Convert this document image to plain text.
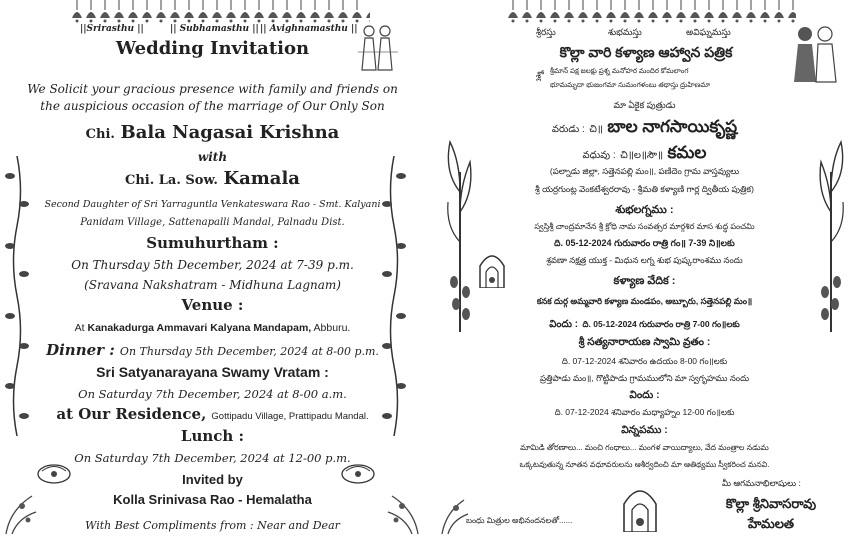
||Srirasthu ||	|| Subhamasthu || || Avighnamasthu ||
Wedding Invitation
We Solicit your gracious presence with family and friends on
the auspicious occasion of the marriage of Our Only Son
Chi. Bala Nagasai Krishna
with
Chi. La. Sow. Kamala
Second Daughter of Sri Yarraguntla Venkateswara Rao - Smt. Kalyani
Panidam Village, Sattenapalli Mandal, Palnadu Dist.
Sumuhurtham :
On Thursday 5th December, 2024 at 7-39 p.m.
(Sravana Nakshatram - Midhuna Lagnam)
Venue :
At Kanakadurga Ammavari Kalyana Mandapam, Abburu.
Dinner : On Thursday 5th December, 2024 at 8-00 p.m.
Sri Satyanarayana Swamy Vratam :
On Saturday 7th December, 2024 at 8-00 a.m.
at Our Residence, Gottipadu Village, Prattipadu Mandal.
Lunch :
On Saturday 7th December, 2024 at 12-00 p.m.
Invited by
Kolla Srinivasa Rao - Hemalatha
With Best Compliments from : Near and Dear
శ్రీరస్తు	శుభమస్తు	అవిఘ్నమస్తు
కొల్లా వారి కళ్యాణ ఆహ్వాన పత్రిక
శ్లో శ్రీమాన్ పక్ష జలక్షు ప్రశ్న మనోహర మందిర కోమలాంగ
భూమమృదా భుజంగమా సుమంగళంబు తథాస్తు ద్రుహిణమా
మా ఏకైక పుత్రుడు
వరుడు : చి॥ బాల నాగసాయికృష్ణ
వధువు : చి॥ల॥సౌ॥ కమల
(పల్నాడు జిల్లా, సత్తెనపల్లి మం॥, పణిదెం గ్రామ వాస్తవ్యులు
శ్రీ యర్రగుంట్ల వెంకటేశ్వరరావు - శ్రీమతి కళ్యాణి గార్ల ద్వితీయ పుత్రిక)
శుభలగ్నము :
స్వస్తిశ్రీ చాంద్రమానేన శ్రీ క్రోధి నామ సంవత్సర మార్గశిర మాస శుద్ధ పంచమి
ది. 05-12-2024 గురువారం రాత్రి గం॥ 7-39 ని॥లకు
శ్రవణా నక్షత్ర యుక్త - మిధున లగ్న శుభ పుష్కరాంశము నందు
కళ్యాణ వేదిక :
కనక దుర్గ అమ్మవారి కళ్యాణ మండపం, అబ్బూరు, సత్తెనపల్లి మం॥
విందు : ది. 05-12-2024 గురువారం రాత్రి 7-00 గం॥లకు
శ్రీ సత్యనారాయణ స్వామి వ్రతం :
ది. 07-12-2024 శనివారం ఉదయం 8-00 గం॥లకు
ప్రత్తిపాడు మం॥, గొట్టిపాడు గ్రామములోని మా స్వగృహము నందు
విందు :
ది. 07-12-2024 శనివారం మధ్యాహ్నం 12-00 గం॥లకు
విన్నపము :
మామిడి తోరణాలు... మంచి గంధాలు... మంగళ వాయిద్యాలు, వేద మంత్రాల నడుమ
ఒక్కటవుతున్న నూతన వధూవరులను ఆశీర్వదించి మా ఆతిథ్యము స్వీకరించ మనవి.
మీ ఆగమనాభిలాషులు :
కొల్లా శ్రీనివాసరావు
హేమలత
బంధు మిత్రుల అభినందనలతో......
